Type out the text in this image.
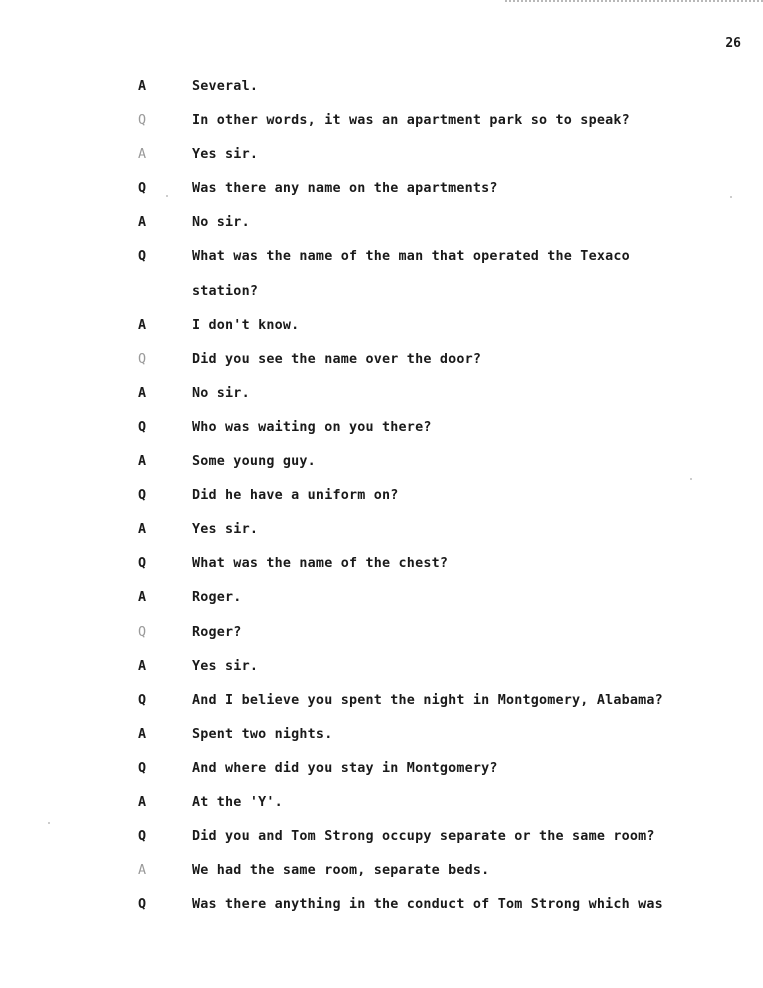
26
A	Several.
Q	In other words, it was an apartment park so to speak?
A	Yes sir.
Q	Was there any name on the apartments?
A	No sir.
Q	What was the name of the man that operated the Texaco
station?
A	I don't know.
Q	Did you see the name over the door?
A	No sir.
Q	Who was waiting on you there?
A	Some young guy.
Q	Did he have a uniform on?
A	Yes sir.
Q	What was the name of the chest?
A	Roger.
Q	Roger?
A	Yes sir.
Q	And I believe you spent the night in Montgomery, Alabama?
A	Spent two nights.
Q	And where did you stay in Montgomery?
A	At the 'Y'.
Q	Did you and Tom Strong occupy separate or the same room?
A	We had the same room, separate beds.
Q	Was there anything in the conduct of Tom Strong which was
